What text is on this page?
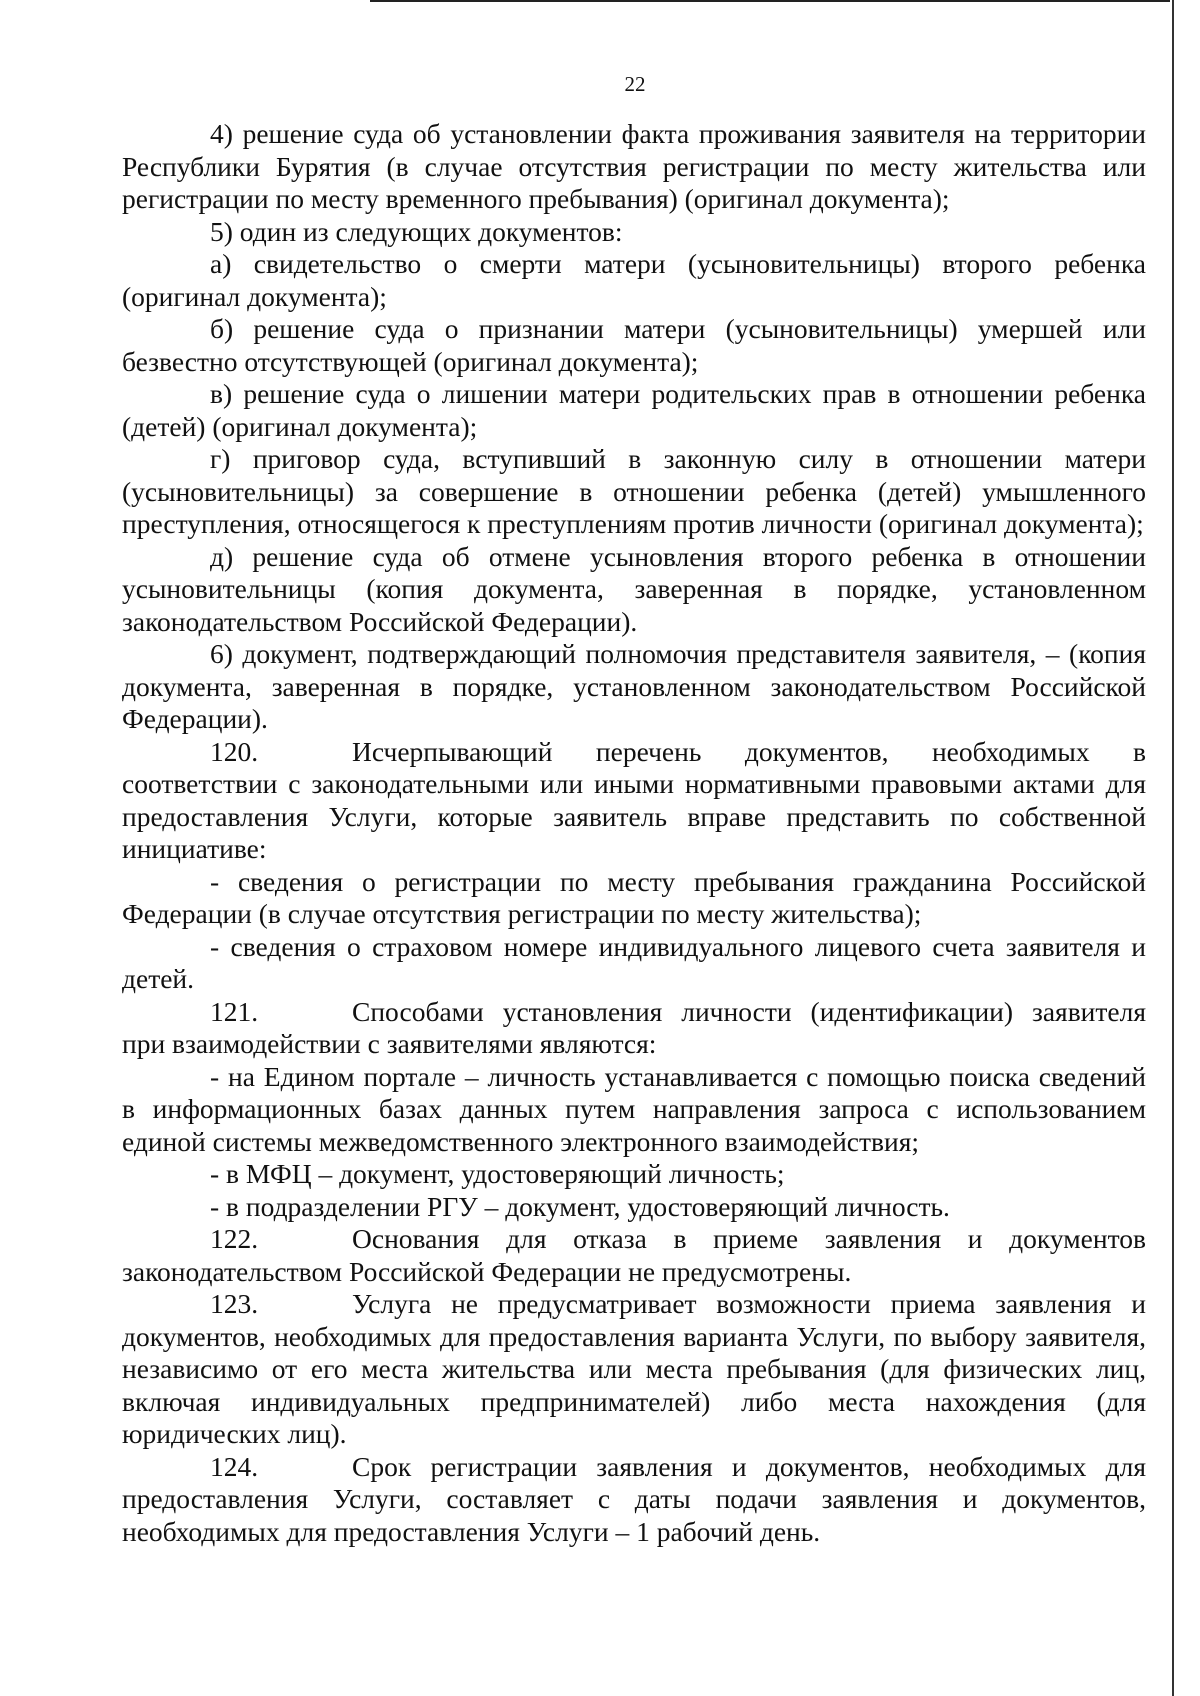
22

4) решение суда об установлении факта проживания заявителя на территории Республики Бурятия (в случае отсутствия регистрации по месту жительства или регистрации по месту временного пребывания) (оригинал документа);

5) один из следующих документов:

а) свидетельство о смерти матери (усыновительницы) второго ребенка (оригинал документа);

б) решение суда о признании матери (усыновительницы) умершей или безвестно отсутствующей (оригинал документа);

в) решение суда о лишении матери родительских прав в отношении ребенка (детей) (оригинал документа);

г) приговор суда, вступивший в законную силу в отношении матери (усыновительницы) за совершение в отношении ребенка (детей) умышленного преступления, относящегося к преступлениям против личности (оригинал документа);

д) решение суда об отмене усыновления второго ребенка в отношении усыновительницы (копия документа, заверенная в порядке, установленном законодательством Российской Федерации).

6) документ, подтверждающий полномочия представителя заявителя, – (копия документа, заверенная в порядке, установленном законодательством Российской Федерации).

120.	Исчерпывающий перечень документов, необходимых в соответствии с законодательными или иными нормативными правовыми актами для предоставления Услуги, которые заявитель вправе представить по собственной инициативе:

- сведения о регистрации по месту пребывания гражданина Российской Федерации (в случае отсутствия регистрации по месту жительства);

- сведения о страховом номере индивидуального лицевого счета заявителя и детей.

121.	Способами установления личности (идентификации) заявителя при взаимодействии с заявителями являются:

- на Едином портале – личность устанавливается с помощью поиска сведений в информационных базах данных путем направления запроса с использованием единой системы межведомственного электронного взаимодействия;

- в МФЦ – документ, удостоверяющий личность;

- в подразделении РГУ – документ, удостоверяющий личность.

122.	Основания для отказа в приеме заявления и документов законодательством Российской Федерации не предусмотрены.

123.	Услуга не предусматривает возможности приема заявления и документов, необходимых для предоставления варианта Услуги, по выбору заявителя, независимо от его места жительства или места пребывания (для физических лиц, включая индивидуальных предпринимателей) либо места нахождения (для юридических лиц).

124.	Срок регистрации заявления и документов, необходимых для предоставления Услуги, составляет с даты подачи заявления и документов, необходимых для предоставления Услуги – 1 рабочий день.
